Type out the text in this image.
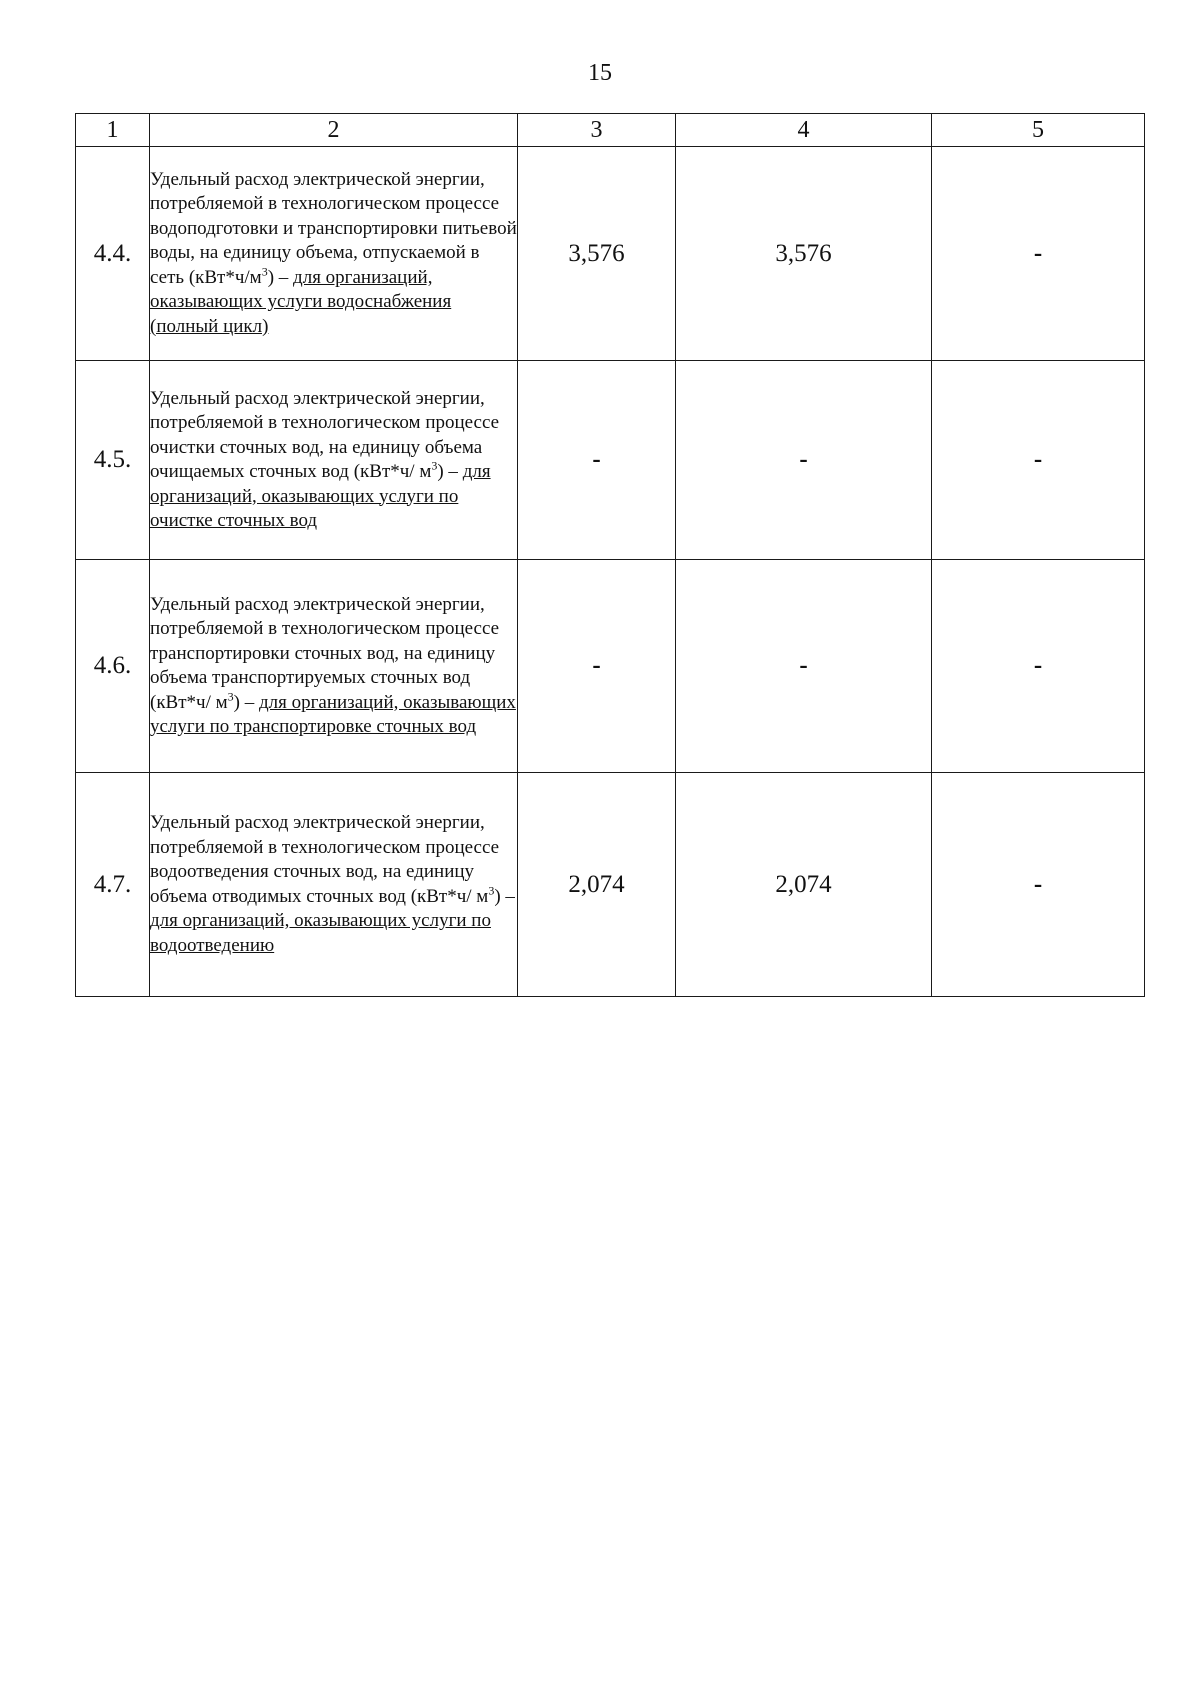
15
1	2	3	4	5
4.4.	Удельный расход электрической энергии, потребляемой в технологическом процессе водоподготовки и транспортировки питьевой воды, на единицу объема, отпускаемой в сеть $(кВт*ч/м^3)$ – для организаций, оказывающих услуги водоснабжения (полный цикл)	3,576	3,576	-
4.5.	Удельный расход электрической энергии, потребляемой в технологическом процессе очистки сточных вод, на единицу объема очищаемых сточных вод (кВт*ч/ $м^3$) – для организаций, оказывающих услуги по очистке сточных вод	-	-	-
4.6.	Удельный расход электрической энергии, потребляемой в технологическом процессе транспортировки сточных вод, на единицу объема транспортируемых сточных вод (кВт*ч/ $м^3$) – для организаций, оказывающих услуги по транспортировке сточных вод	-	-	-
4.7.	Удельный расход электрической энергии, потребляемой в технологическом процессе водоотведения сточных вод, на единицу объема отводимых сточных вод (кВт*ч/ $м^3$) – для организаций, оказывающих услуги по водоотведению	2,074	2,074	-
